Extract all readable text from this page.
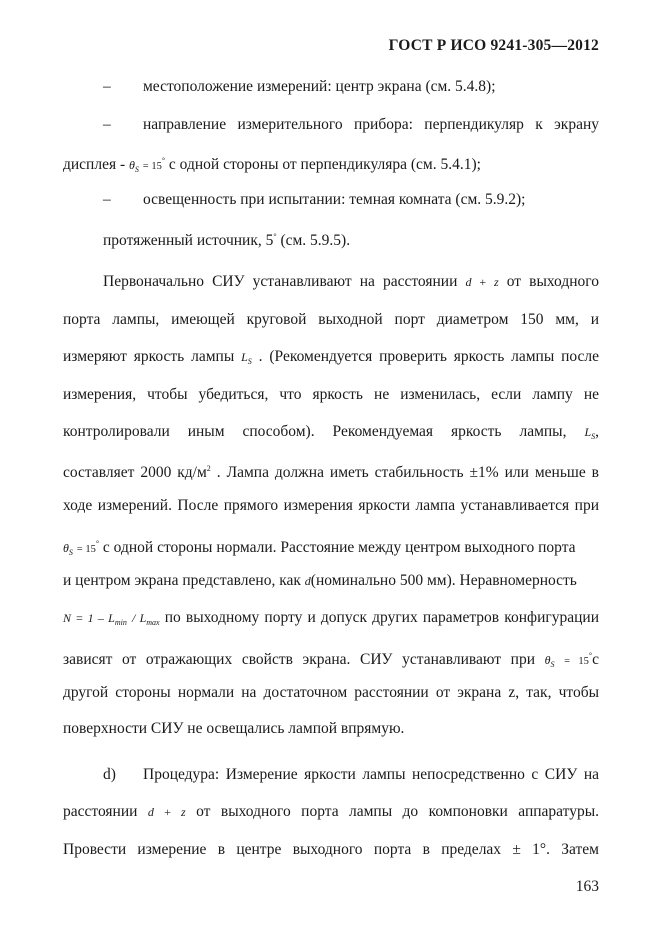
ГОСТ Р ИСО 9241-305—2012
– местоположение измерений: центр экрана (см. 5.4.8);
– направление измерительного прибора: перпендикуляр к экрану
дисплея - $\theta_S = 15^\circ$ с одной стороны от перпендикуляра (см. 5.4.1);
– освещенность при испытании: темная комната (см. 5.9.2);
протяженный источник, 5° (см. 5.9.5).
Первоначально СИУ устанавливают на расстоянии d + z от выходного
порта лампы, имеющей круговой выходной порт диаметром 150 мм, и
измеряют яркость лампы $L_S$ . (Рекомендуется проверить яркость лампы после
измерения, чтобы убедиться, что яркость не изменилась, если лампу не
контролировали иным способом). Рекомендуемая яркость лампы, $L_S$,
составляет 2000 $кд/м^2$ . Лампа должна иметь стабильность ±1% или меньше в
ходе измерений. После прямого измерения яркости лампа устанавливается при
$\theta_S = 15^\circ$ с одной стороны нормали. Расстояние между центром выходного порта
и центром экрана представлено, как d(номинально 500 мм). Неравномерность
$N = 1 - L_{min} / L_{max}$ по выходному порту и допуск других параметров конфигурации
зависят от отражающих свойств экрана. СИУ устанавливают при $\theta_S = 15^\circ с$
другой стороны нормали на достаточном расстоянии от экрана z, так, чтобы
поверхности СИУ не освещались лампой впрямую.
d) Процедура: Измерение яркости лампы непосредственно с СИУ на
расстоянии d + z от выходного порта лампы до компоновки аппаратуры.
Провести измерение в центре выходного порта в пределах ± 1°. Затем
163
